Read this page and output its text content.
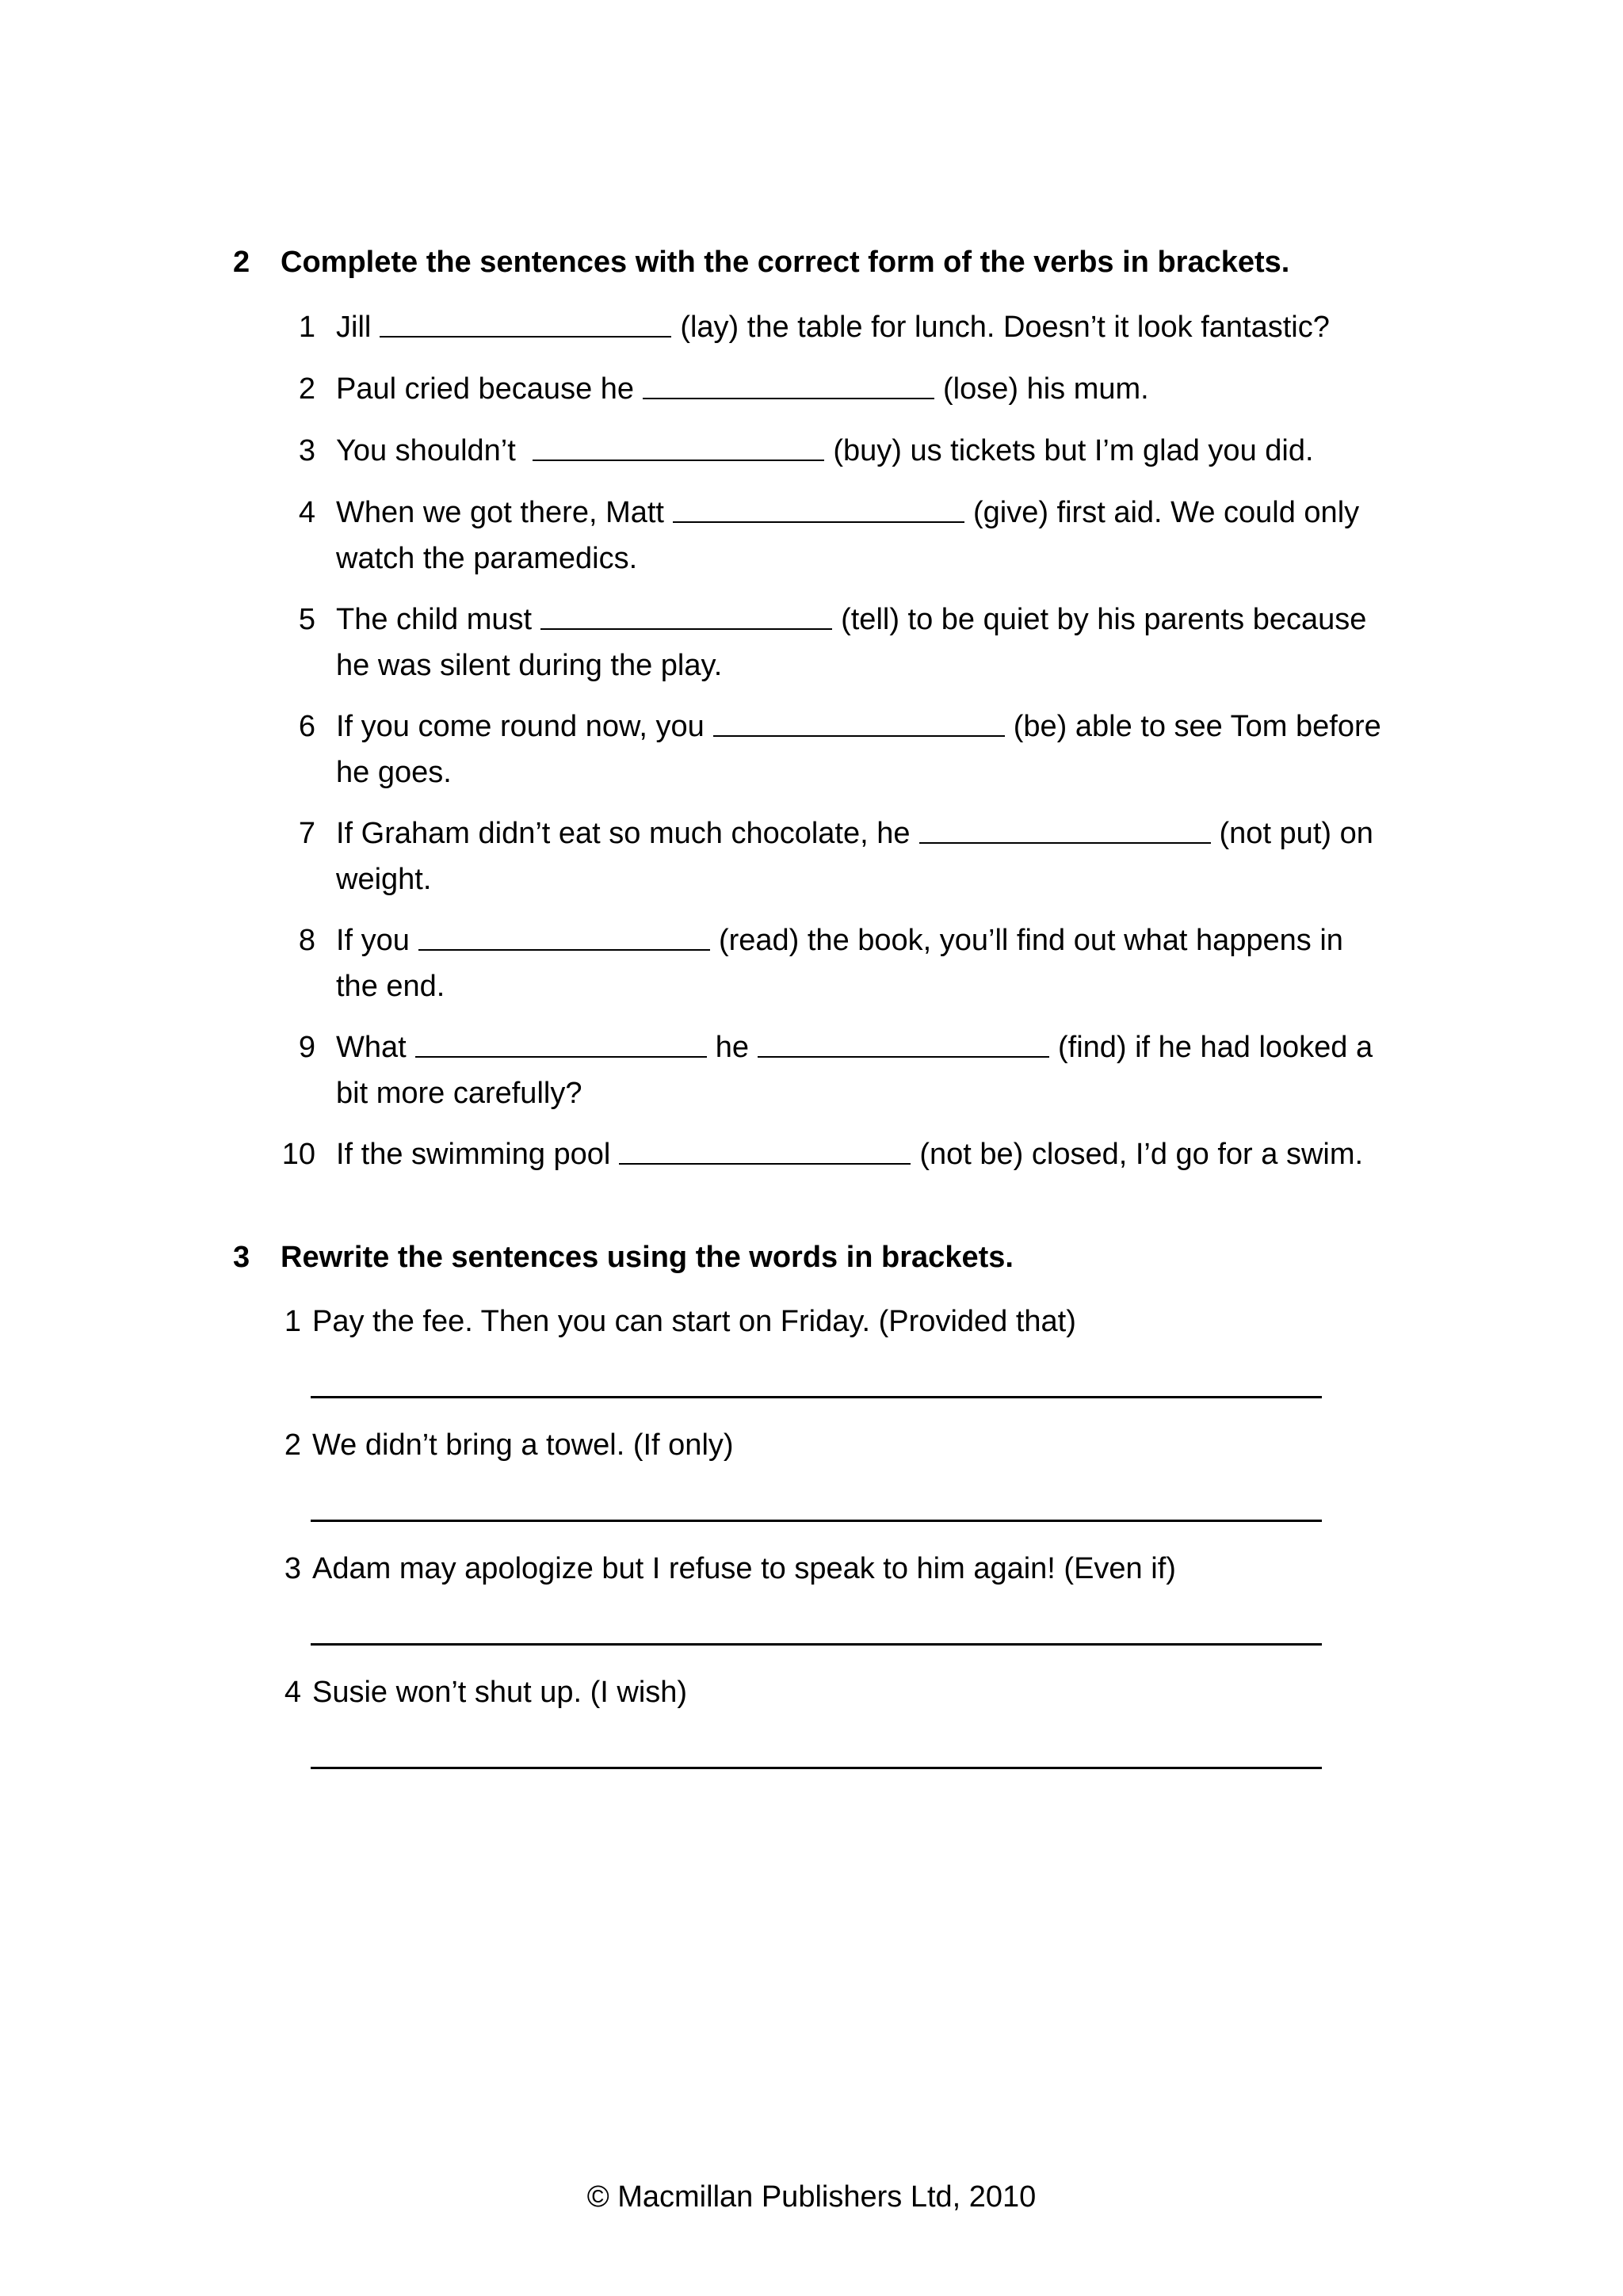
2 Complete the sentences with the correct form of the verbs in brackets.
1 Jill	(lay) the table for lunch. Doesn’t it look fantastic?
2 Paul cried because he	(lose) his mum.
3 You shouldn’t	(buy) us tickets but I’m glad you did.
4 When we got there, Matt	(give) first aid. We could only
watch the paramedics.
5 The child must	(tell) to be quiet by his parents because
he was silent during the play.
6 If you come round now, you	(be) able to see Tom before
he goes.
7 If Graham didn’t eat so much chocolate, he	(not put) on
weight.
8 If you	(read) the book, you’ll find out what happens in
the end.
9 What	he	(find) if he had looked a
bit more carefully?
10 If the swimming pool	(not be) closed, I’d go for a swim.
3 Rewrite the sentences using the words in brackets.
1 Pay the fee. Then you can start on Friday. (Provided that)
2 We didn’t bring a towel. (If only)
3 Adam may apologize but I refuse to speak to him again! (Even if)
4 Susie won’t shut up. (I wish)
© Macmillan Publishers Ltd, 2010
